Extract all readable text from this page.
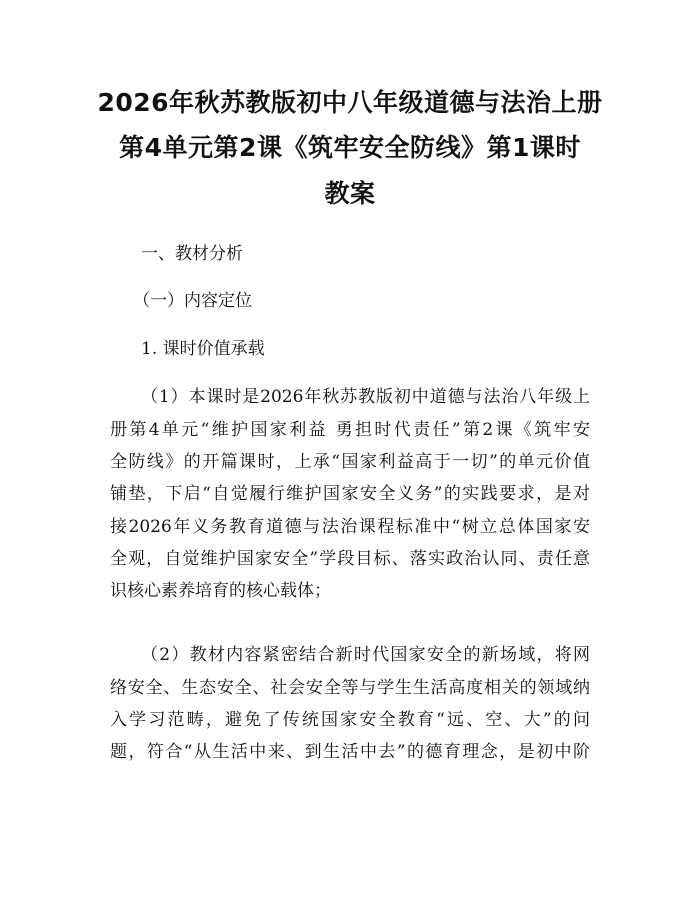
2026年秋苏教版初中八年级道德与法治上册
第4单元第2课《筑牢安全防线》第1课时
教案
一、教材分析
（一）内容定位
1. 课时价值承载
（1）本课时是2026年秋苏教版初中道德与法治八年级上
册第4单元“维护国家利益 勇担时代责任”第2课《筑牢安
全防线》的开篇课时，上承“国家利益高于一切”的单元价值
铺垫，下启“自觉履行维护国家安全义务”的实践要求，是对
接2026年义务教育道德与法治课程标准中“树立总体国家安
全观，自觉维护国家安全”学段目标、落实政治认同、责任意
识核心素养培育的核心载体；
（2）教材内容紧密结合新时代国家安全的新场域，将网
络安全、生态安全、社会安全等与学生生活高度相关的领域纳
入学习范畴，避免了传统国家安全教育“远、空、大”的问
题，符合“从生活中来、到生活中去”的德育理念，是初中阶
